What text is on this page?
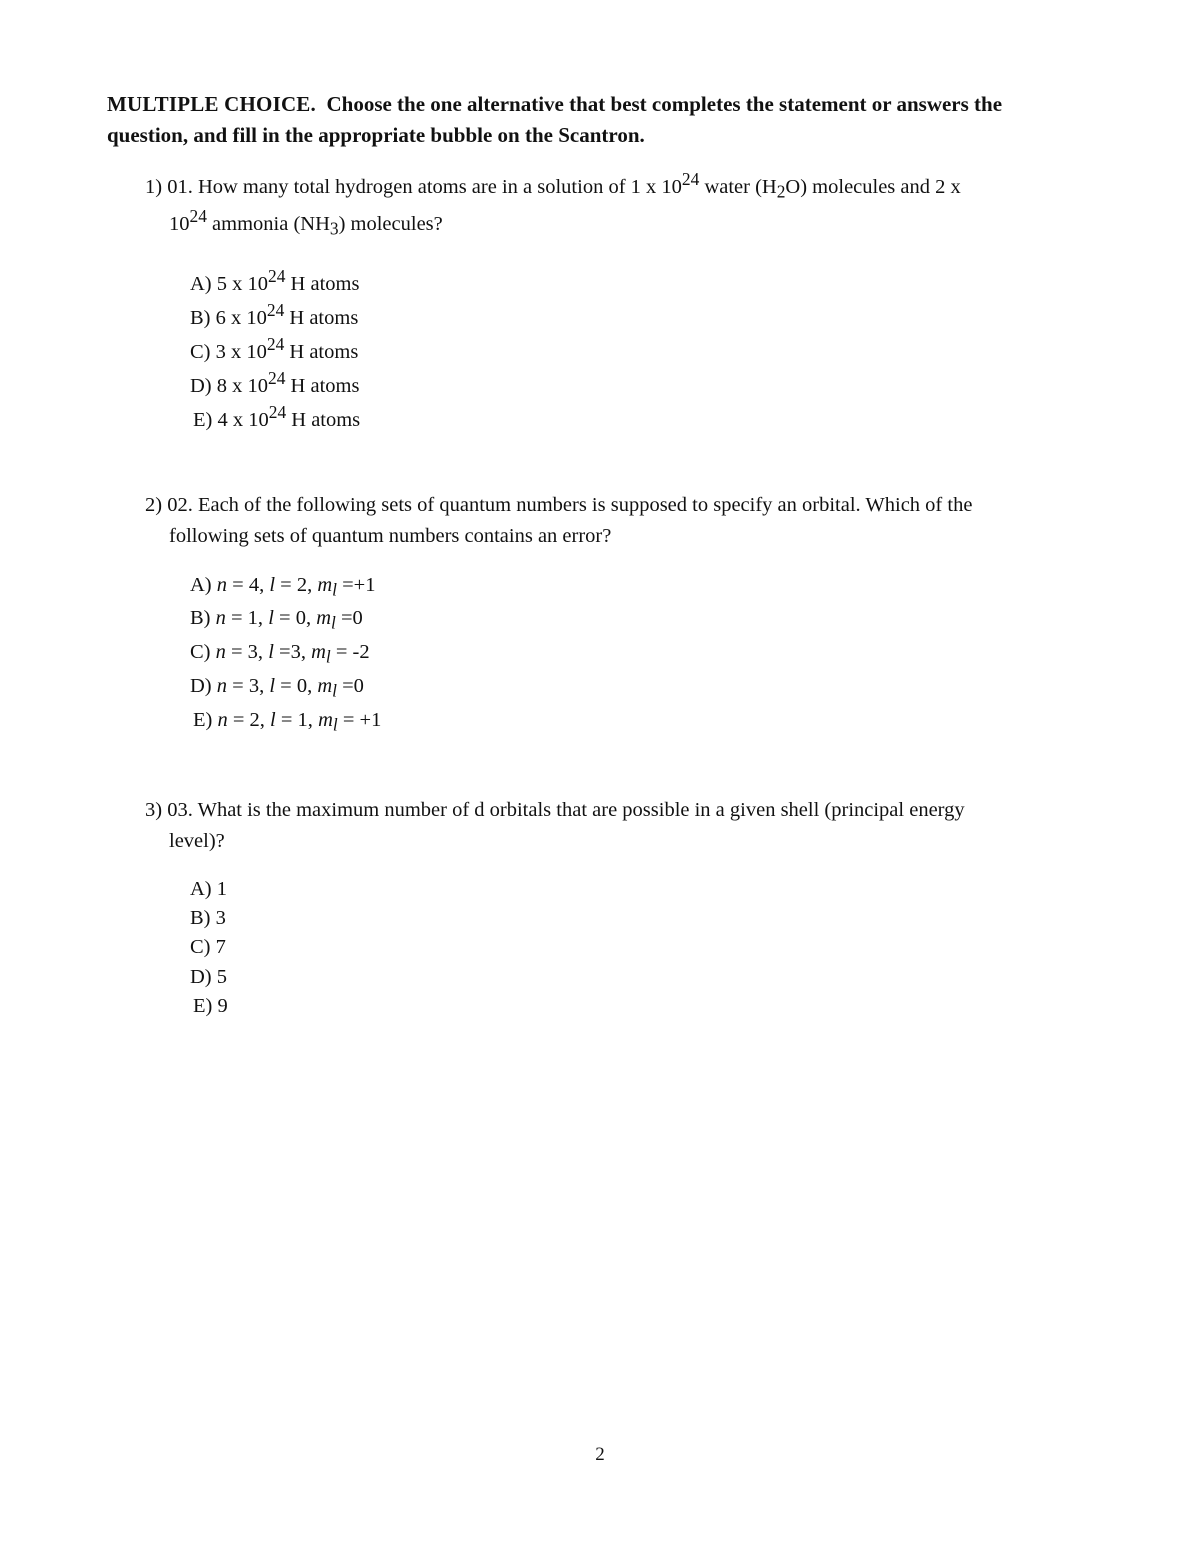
MULTIPLE CHOICE. Choose the one alternative that best completes the statement or answers the
question, and fill in the appropriate bubble on the Scantron.
1) 01. How many total hydrogen atoms are in a solution of 1 x $10^{24}$ water $(H_2O)$ molecules and 2 x
$10^{24}$ ammonia $(NH_3)$ molecules?
A) 5 x $10^{24}$ H atoms
B) 6 x $10^{24}$ H atoms
C) 3 x $10^{24}$ H atoms
D) 8 x $10^{24}$ H atoms
E) 4 x $10^{24}$ H atoms
2) 02. Each of the following sets of quantum numbers is supposed to specify an orbital. Which of the
following sets of quantum numbers contains an error?
A) n = 4, l = 2, $m_l =+1$
B) n = 1, l = 0, $m_l =0$
C) n = 3, l =3, $m_l = -2$
D) n = 3, l = 0, $m_l =0$
E) n = 2, l = 1, $m_l = +1$
3) 03. What is the maximum number of d orbitals that are possible in a given shell (principal energy
level)?
A) 1
B) 3
C) 7
D) 5
E) 9
2
